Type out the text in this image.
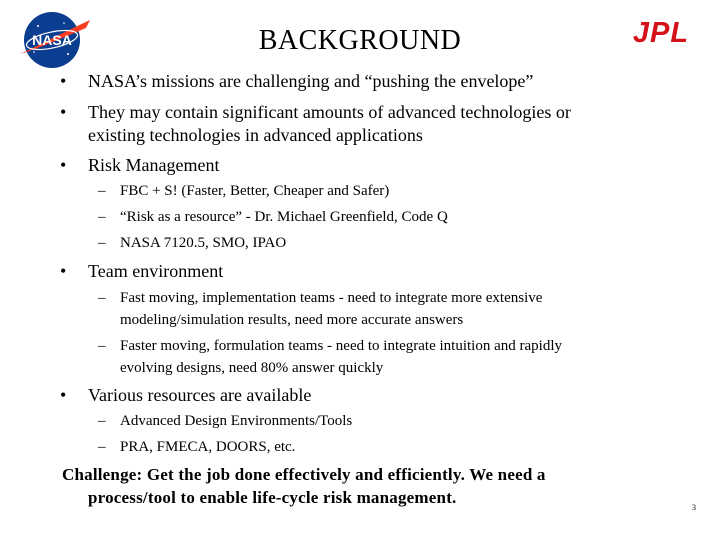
NASA	JPL
BACKGROUND
• NASA’s missions are challenging and “pushing the envelope”
• They may contain significant amounts of advanced technologies or
existing technologies in advanced applications
• Risk Management
– FBC + S! (Faster, Better, Cheaper and Safer)
– “Risk as a resource” - Dr. Michael Greenfield, Code Q
– NASA 7120.5, SMO, IPAO
• Team environment
– Fast moving, implementation teams - need to integrate more extensive
modeling/simulation results, need more accurate answers
– Faster moving, formulation teams - need to integrate intuition and rapidly
evolving designs, need 80% answer quickly
• Various resources are available
– Advanced Design Environments/Tools
– PRA, FMECA, DOORS, etc.
Challenge: Get the job done effectively and efficiently. We need a
process/tool to enable life-cycle risk management.
3
